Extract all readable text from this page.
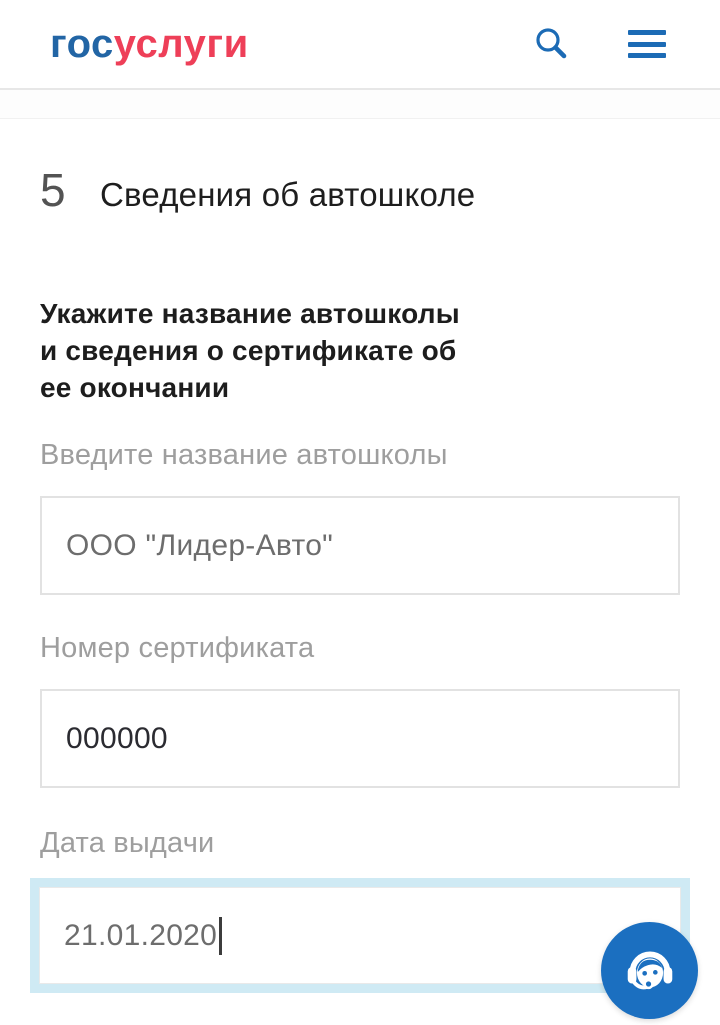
госуслуги
5	Сведения об автошколе
Укажите название автошколы
и сведения о сертификате об
ее окончании
Введите название автошколы
ООО "Лидер-Авто"
Номер сертификата
000000
Дата выдачи
21.01.2020
